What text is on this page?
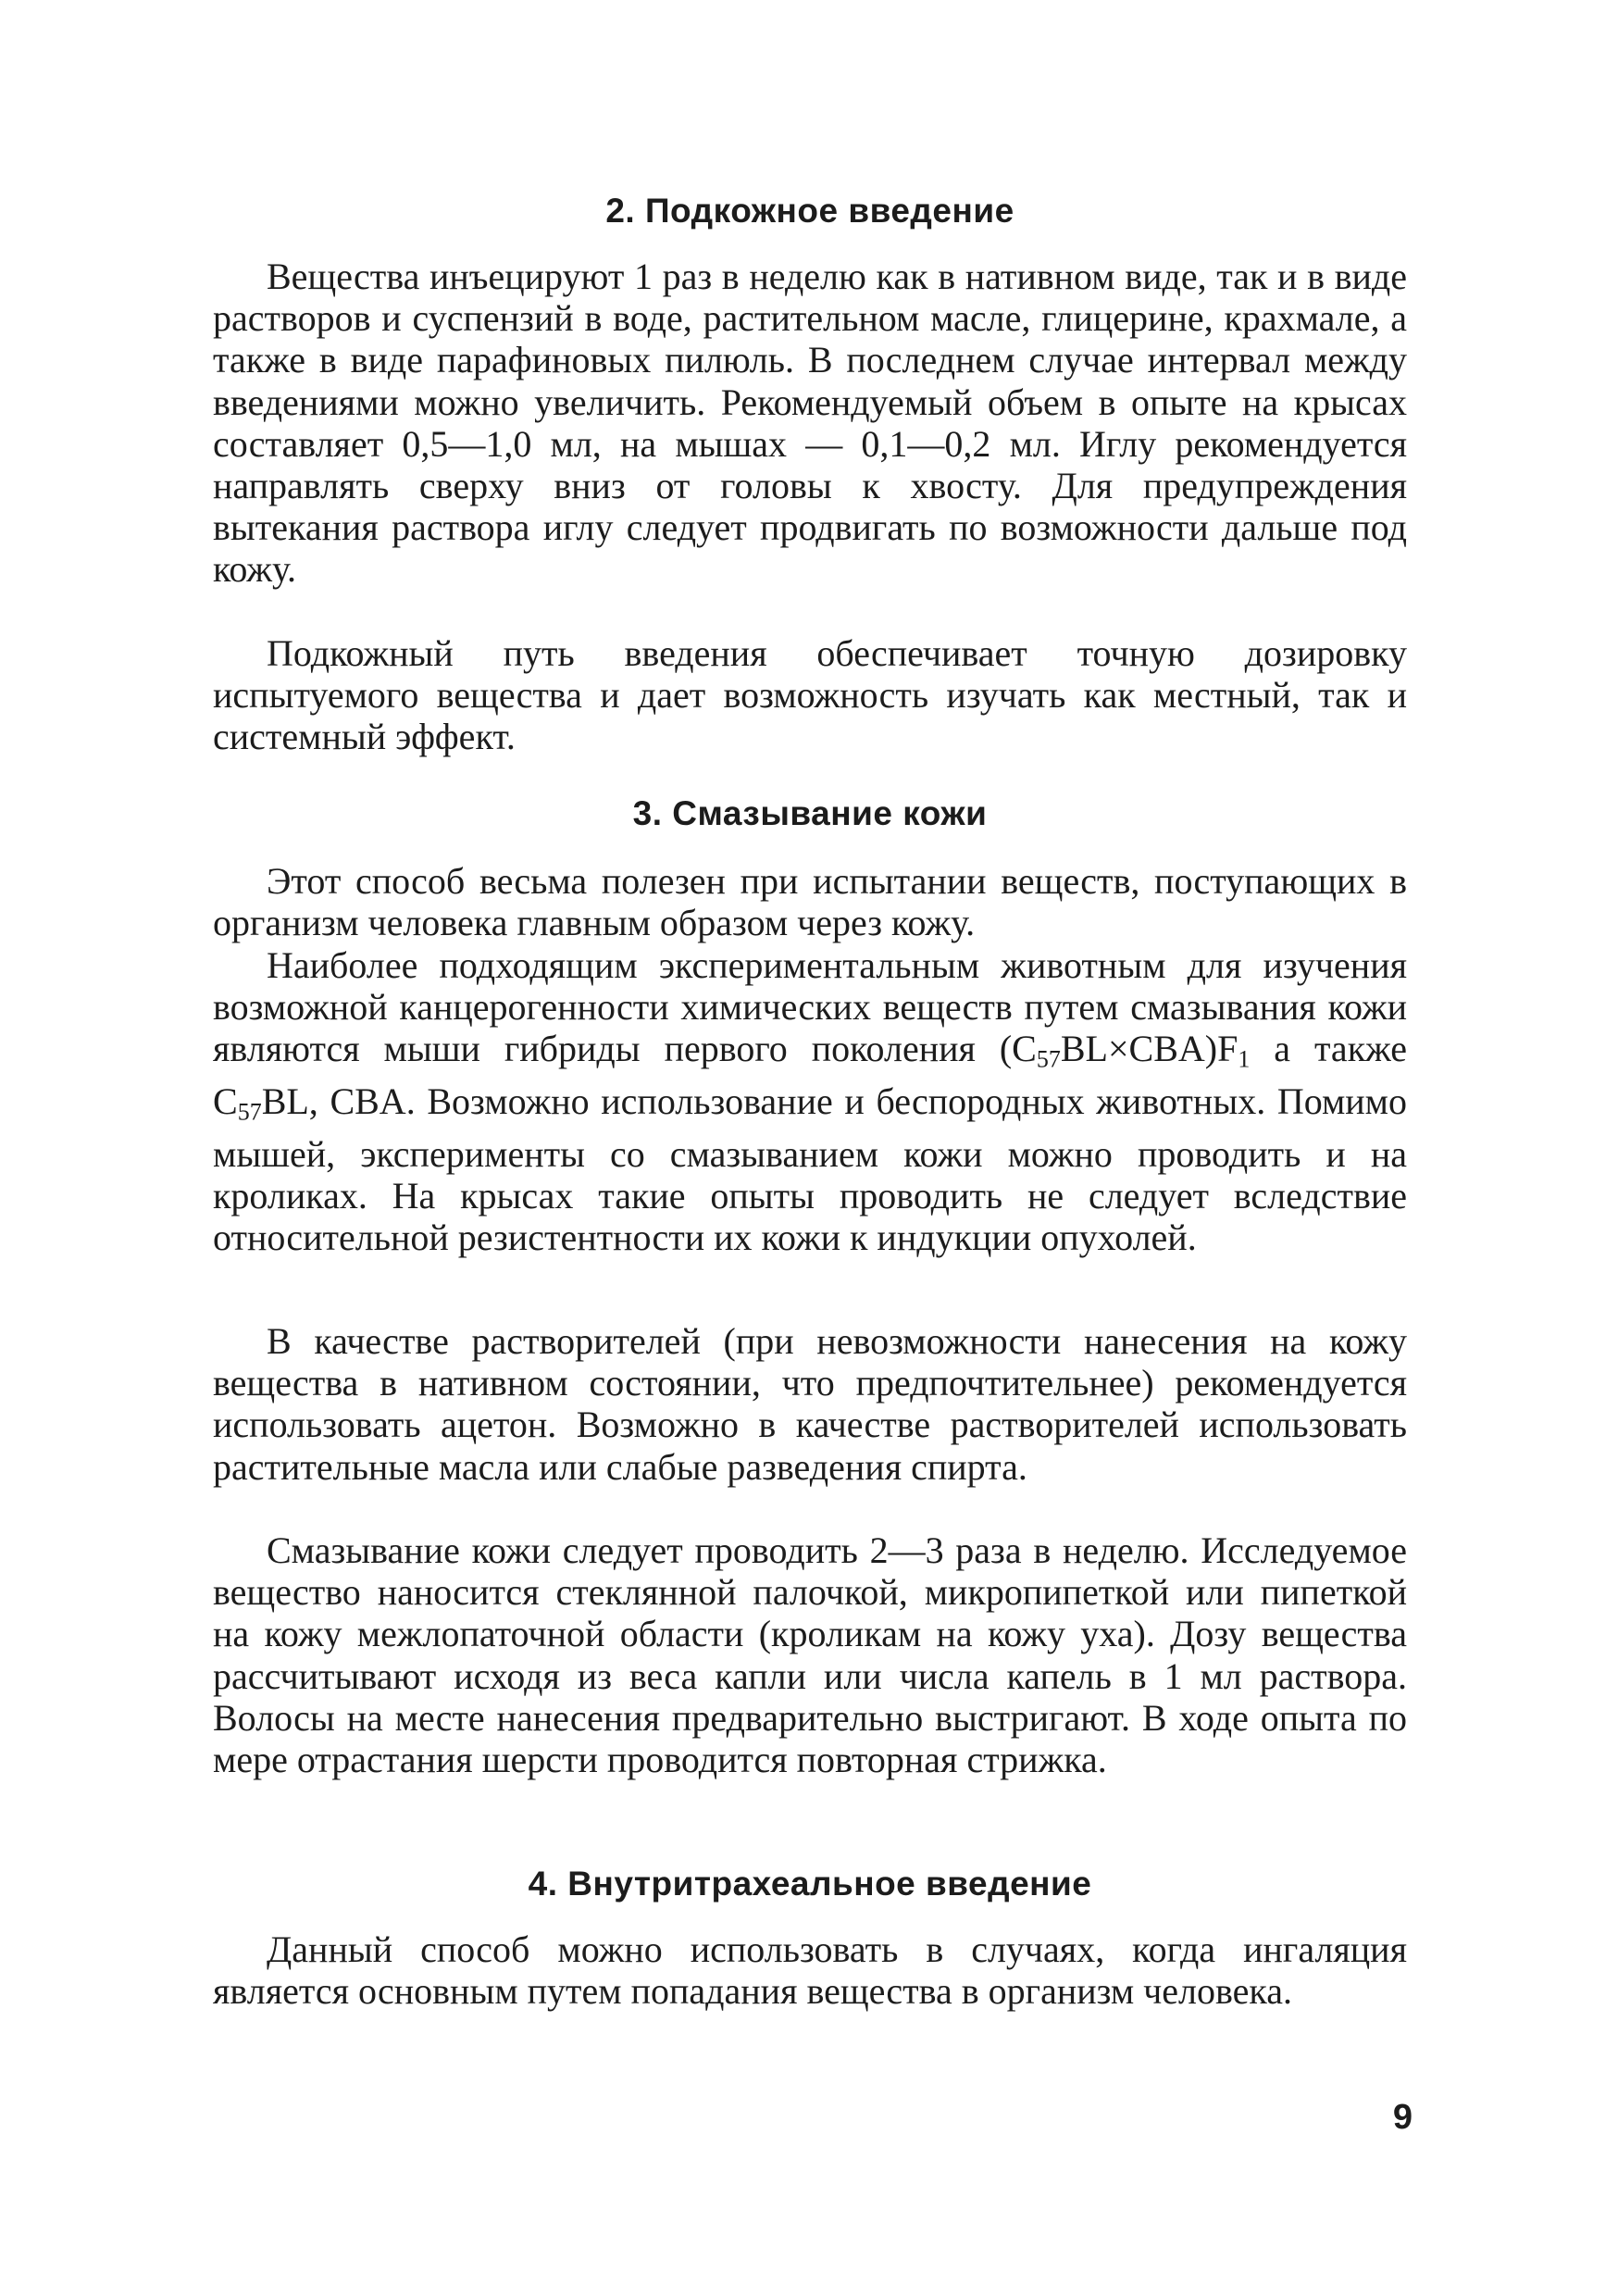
2. Подкожное введение

Вещества инъецируют 1 раз в неделю как в нативном виде, так и в виде растворов и суспензий в воде, растительном масле, глицерине, крахмале, а также в виде парафиновых пилюль. В последнем случае интервал между введениями можно увеличить. Рекомендуемый объем в опыте на крысах составляет 0,5—1,0 мл, на мышах — 0,1—0,2 мл. Иглу рекомендуется направлять сверху вниз от головы к хвосту. Для предупреждения вытекания раствора иглу следует продвигать по возможности дальше под кожу.

Подкожный путь введения обеспечивает точную дозировку испытуемого вещества и дает возможность изучать как местный, так и системный эффект.

3. Смазывание кожи

Этот способ весьма полезен при испытании веществ, поступающих в организм человека главным образом через кожу.

Наиболее подходящим экспериментальным животным для изучения возможной канцерогенности химических веществ путем смазывания кожи являются мыши гибриды первого поколения (C57BL×CBA)F1 а также C57BL, CBA. Возможно использование и беспородных животных. Помимо мышей, эксперименты со смазыванием кожи можно проводить и на кроликах. На крысах такие опыты проводить не следует вследствие относительной резистентности их кожи к индукции опухолей.

В качестве растворителей (при невозможности нанесения на кожу вещества в нативном состоянии, что предпочтительнее) рекомендуется использовать ацетон. Возможно в качестве растворителей использовать растительные масла или слабые разведения спирта.

Смазывание кожи следует проводить 2—3 раза в неделю. Исследуемое вещество наносится стеклянной палочкой, микропипеткой или пипеткой на кожу межлопаточной области (кроликам на кожу уха). Дозу вещества рассчитывают исходя из веса капли или числа капель в 1 мл раствора. Волосы на месте нанесения предварительно выстригают. В ходе опыта по мере отрастания шерсти проводится повторная стрижка.

4. Внутритрахеальное введение

Данный способ можно использовать в случаях, когда ингаляция является основным путем попадания вещества в организм человека.

9
